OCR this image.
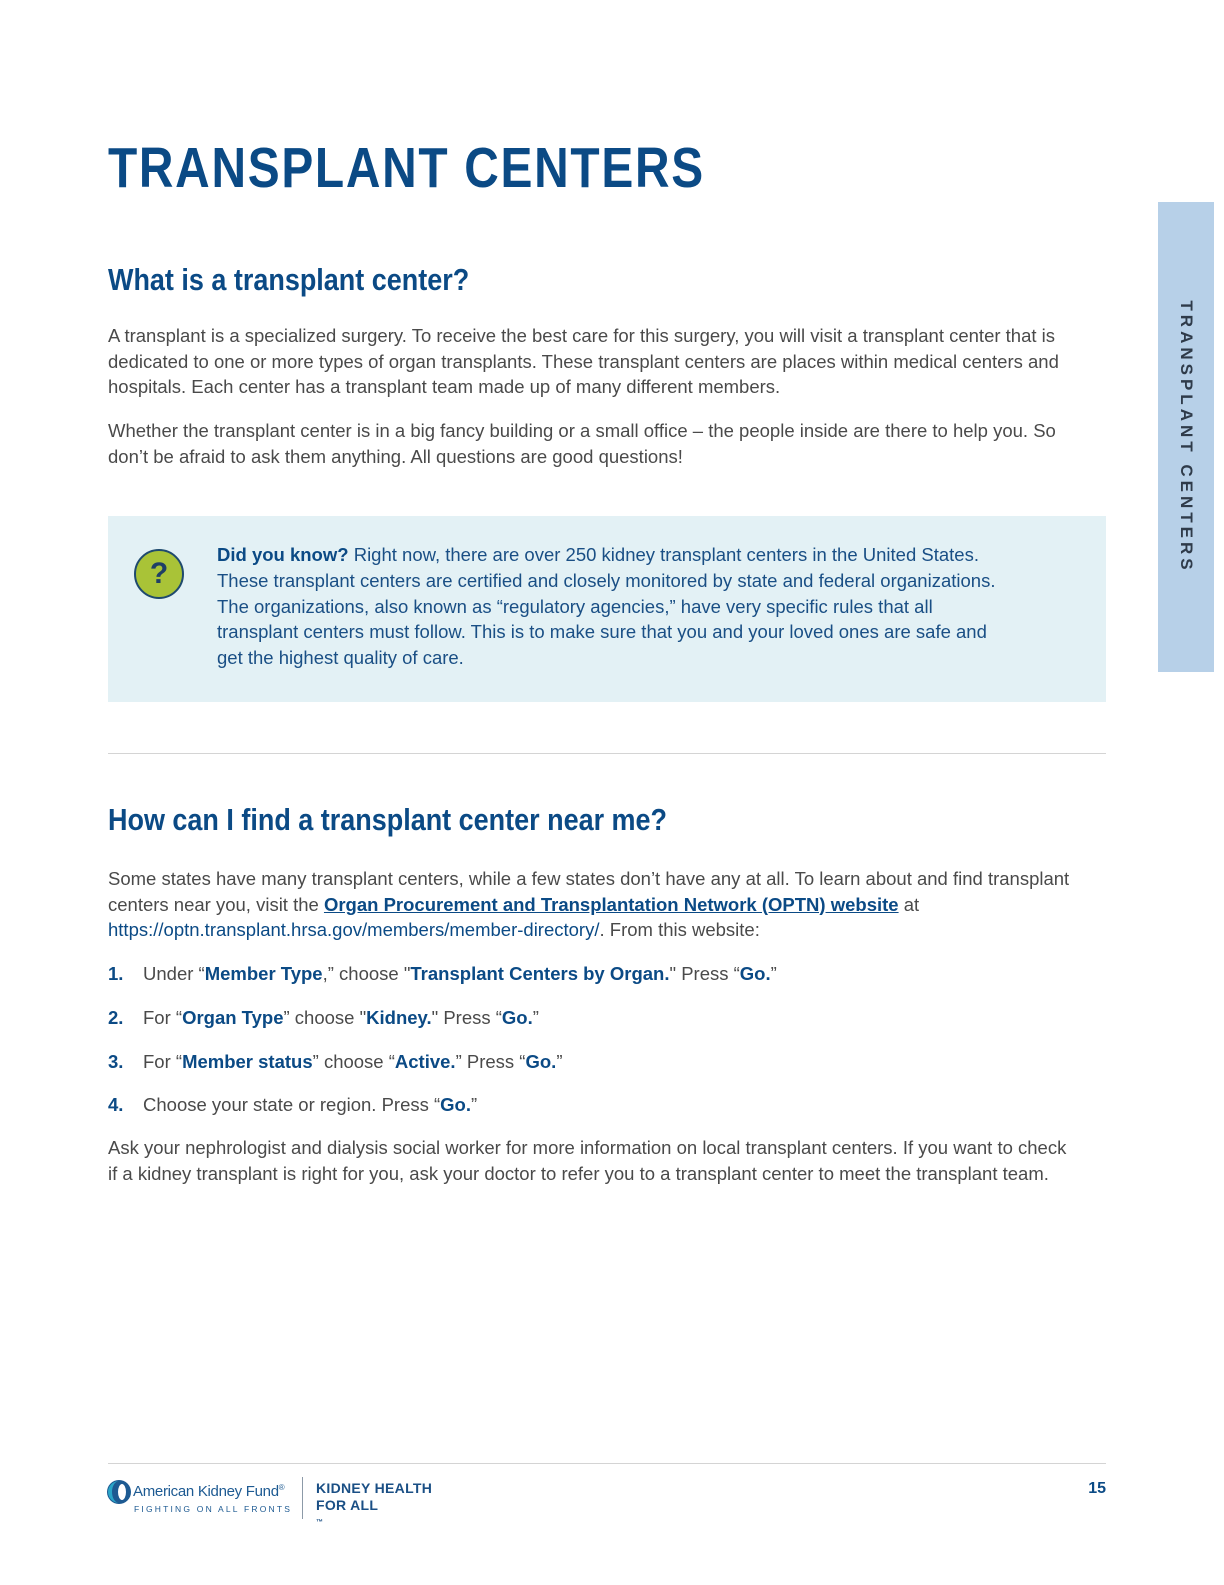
TRANSPLANT CENTERS
TRANSPLANT CENTERS
What is a transplant center?

A transplant is a specialized surgery. To receive the best care for this surgery, you will visit a transplant center that is dedicated to one or more types of organ transplants. These transplant centers are places within medical centers and hospitals. Each center has a transplant team made up of many different members.

Whether the transplant center is in a big fancy building or a small office – the people inside are there to help you. So don’t be afraid to ask them anything. All questions are good questions!

?

Did you know? Right now, there are over 250 kidney transplant centers in the United States. These transplant centers are certified and closely monitored by state and federal organizations. The organizations, also known as “regulatory agencies,” have very specific rules that all transplant centers must follow. This is to make sure that you and your loved ones are safe and get the highest quality of care.

How can I find a transplant center near me?

Some states have many transplant centers, while a few states don’t have any at all. To learn about and find transplant centers near you, visit the Organ Procurement and Transplantation Network (OPTN) website at https://optn.transplant.hrsa.gov/members/member-directory/. From this website:

1. Under “Member Type,” choose "Transplant Centers by Organ." Press “Go.”
2. For “Organ Type” choose "Kidney." Press “Go.”
3. For “Member status” choose “Active.” Press “Go.”
4. Choose your state or region. Press “Go.”

Ask your nephrologist and dialysis social worker for more information on local transplant centers. If you want to check if a kidney transplant is right for you, ask your doctor to refer you to a transplant center to meet the transplant team.

American Kidney Fund®
FIGHTING ON ALL FRONTS
KIDNEY HEALTH
FOR ALL
™
15
